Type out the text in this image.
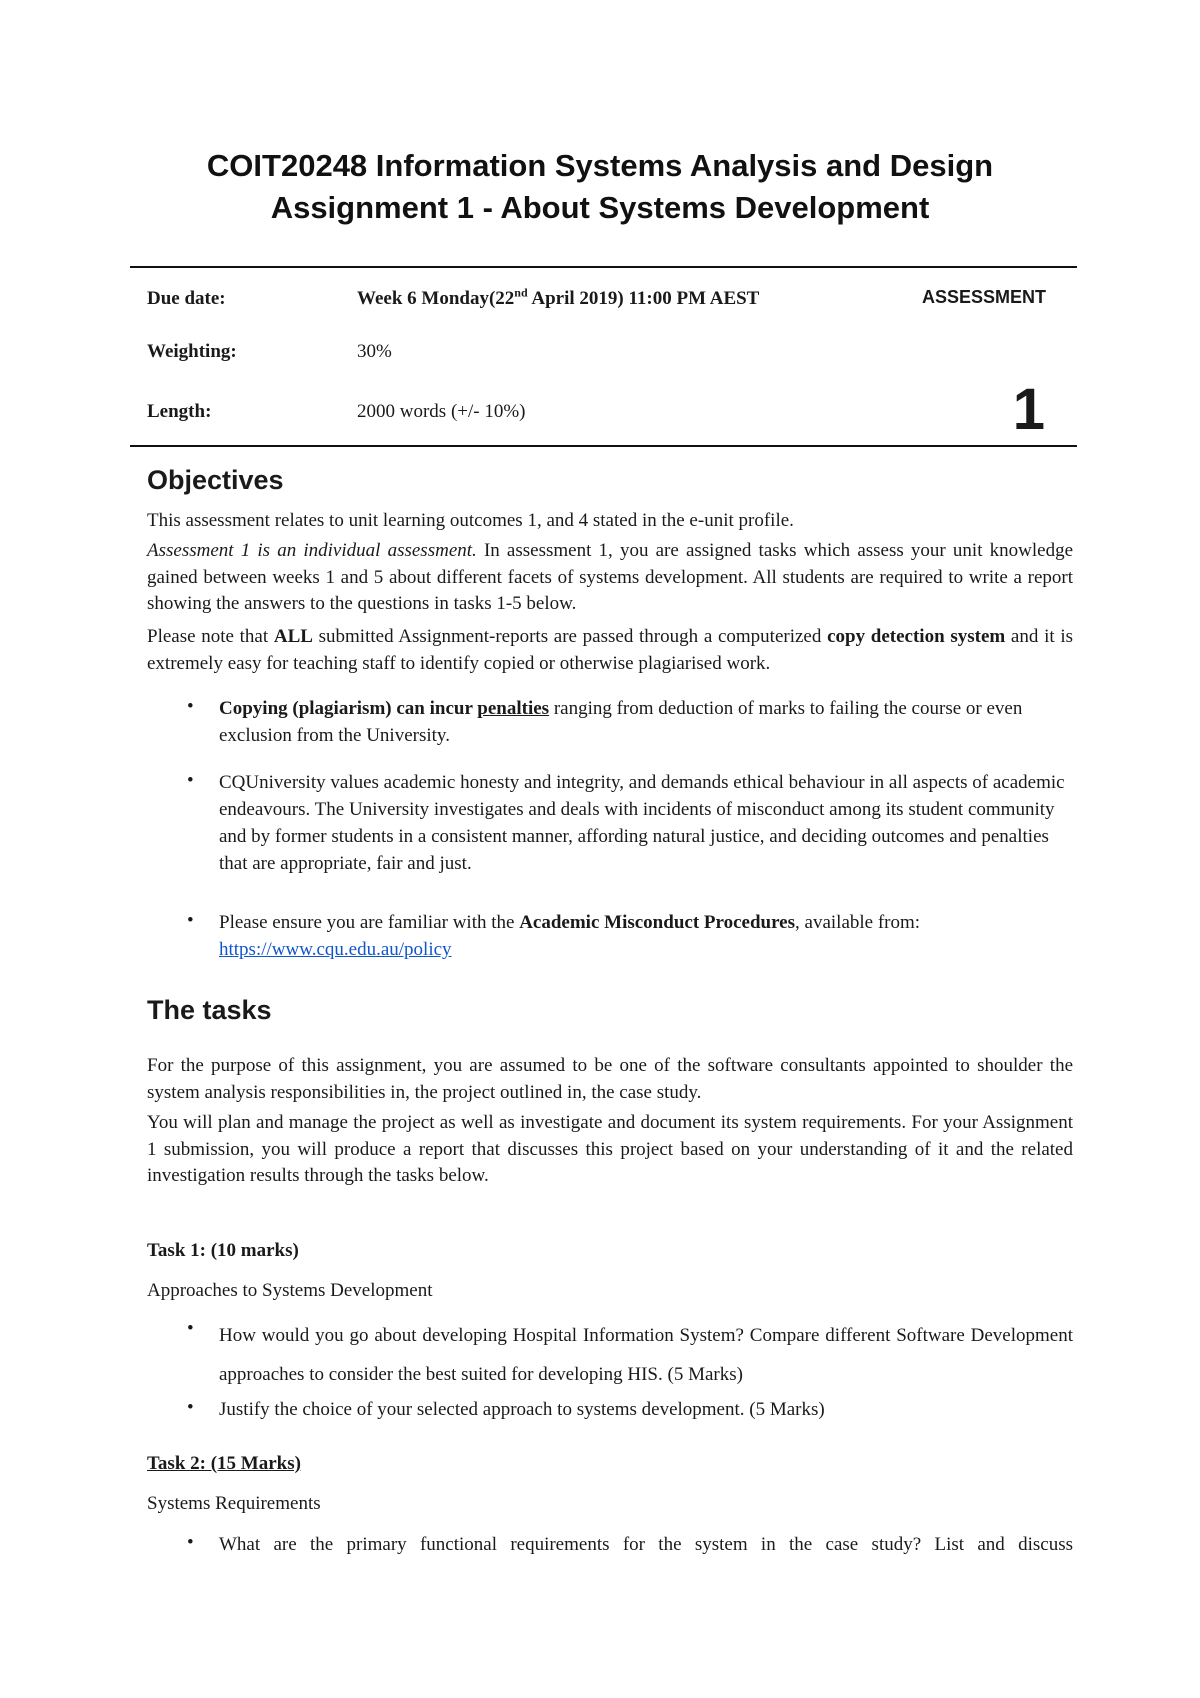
COIT20248 Information Systems Analysis and Design
Assignment 1 - About Systems Development
Due date:	Week 6 Monday(22nd April 2019) 11:00 PM AEST	ASSESSMENT
Weighting:	30%
Length:	2000 words (+/- 10%)	1
Objectives
This assessment relates to unit learning outcomes 1, and 4 stated in the e-unit profile.
Assessment 1 is an individual assessment. In assessment 1, you are assigned tasks which assess your unit knowledge gained between weeks 1 and 5 about different facets of systems development. All students are required to write a report showing the answers to the questions in tasks 1-5 below.
Please note that ALL submitted Assignment-reports are passed through a computerized copy detection system and it is extremely easy for teaching staff to identify copied or otherwise plagiarised work.
• Copying (plagiarism) can incur penalties ranging from deduction of marks to failing the course or even exclusion from the University.
• CQUniversity values academic honesty and integrity, and demands ethical behaviour in all aspects of academic endeavours. The University investigates and deals with incidents of misconduct among its student community and by former students in a consistent manner, affording natural justice, and deciding outcomes and penalties that are appropriate, fair and just.
• Please ensure you are familiar with the Academic Misconduct Procedures, available from:
https://www.cqu.edu.au/policy
The tasks
For the purpose of this assignment, you are assumed to be one of the software consultants appointed to shoulder the system analysis responsibilities in, the project outlined in, the case study.
You will plan and manage the project as well as investigate and document its system requirements. For your Assignment 1 submission, you will produce a report that discusses this project based on your understanding of it and the related investigation results through the tasks below.
Task 1: (10 marks)
Approaches to Systems Development
• How would you go about developing Hospital Information System? Compare different Software Development approaches to consider the best suited for developing HIS. (5 Marks)
• Justify the choice of your selected approach to systems development. (5 Marks)
Task 2: (15 Marks)
Systems Requirements
• What are the primary functional requirements for the system in the case study? List and discuss
